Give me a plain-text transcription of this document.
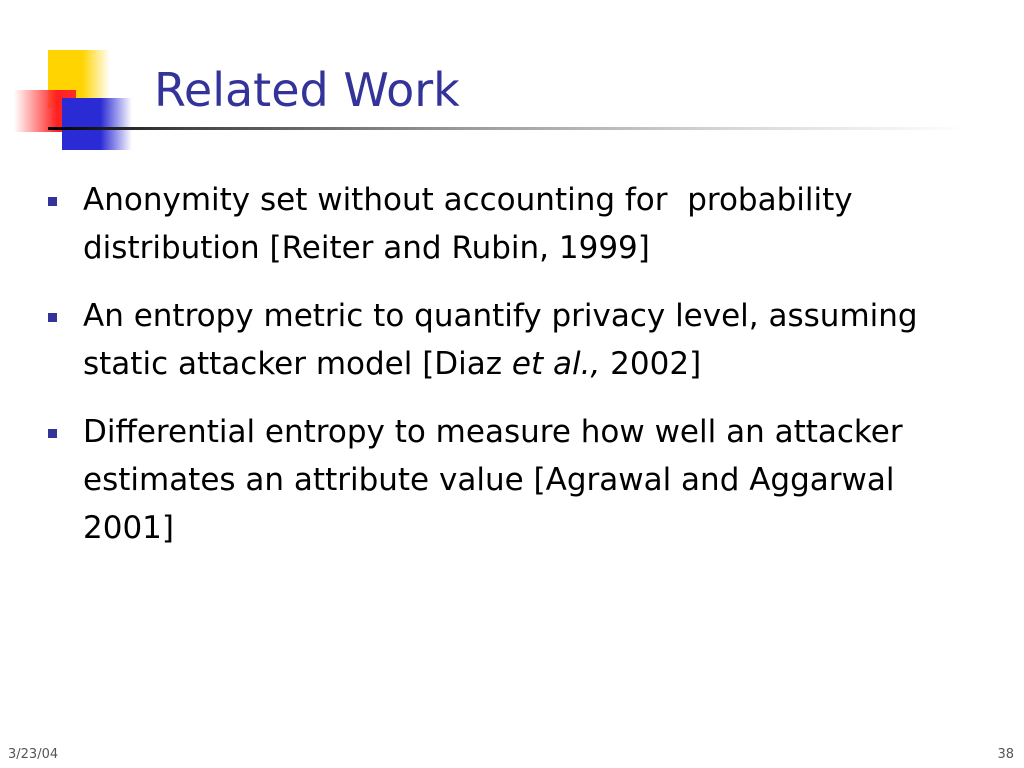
Related Work
Anonymity set without accounting for  probability distribution [Reiter and Rubin, 1999]
An entropy metric to quantify privacy level, assuming static attacker model [Diaz et al., 2002]
Differential entropy to measure how well an attacker estimates an attribute value [Agrawal and Aggarwal 2001]
3/23/04	38
